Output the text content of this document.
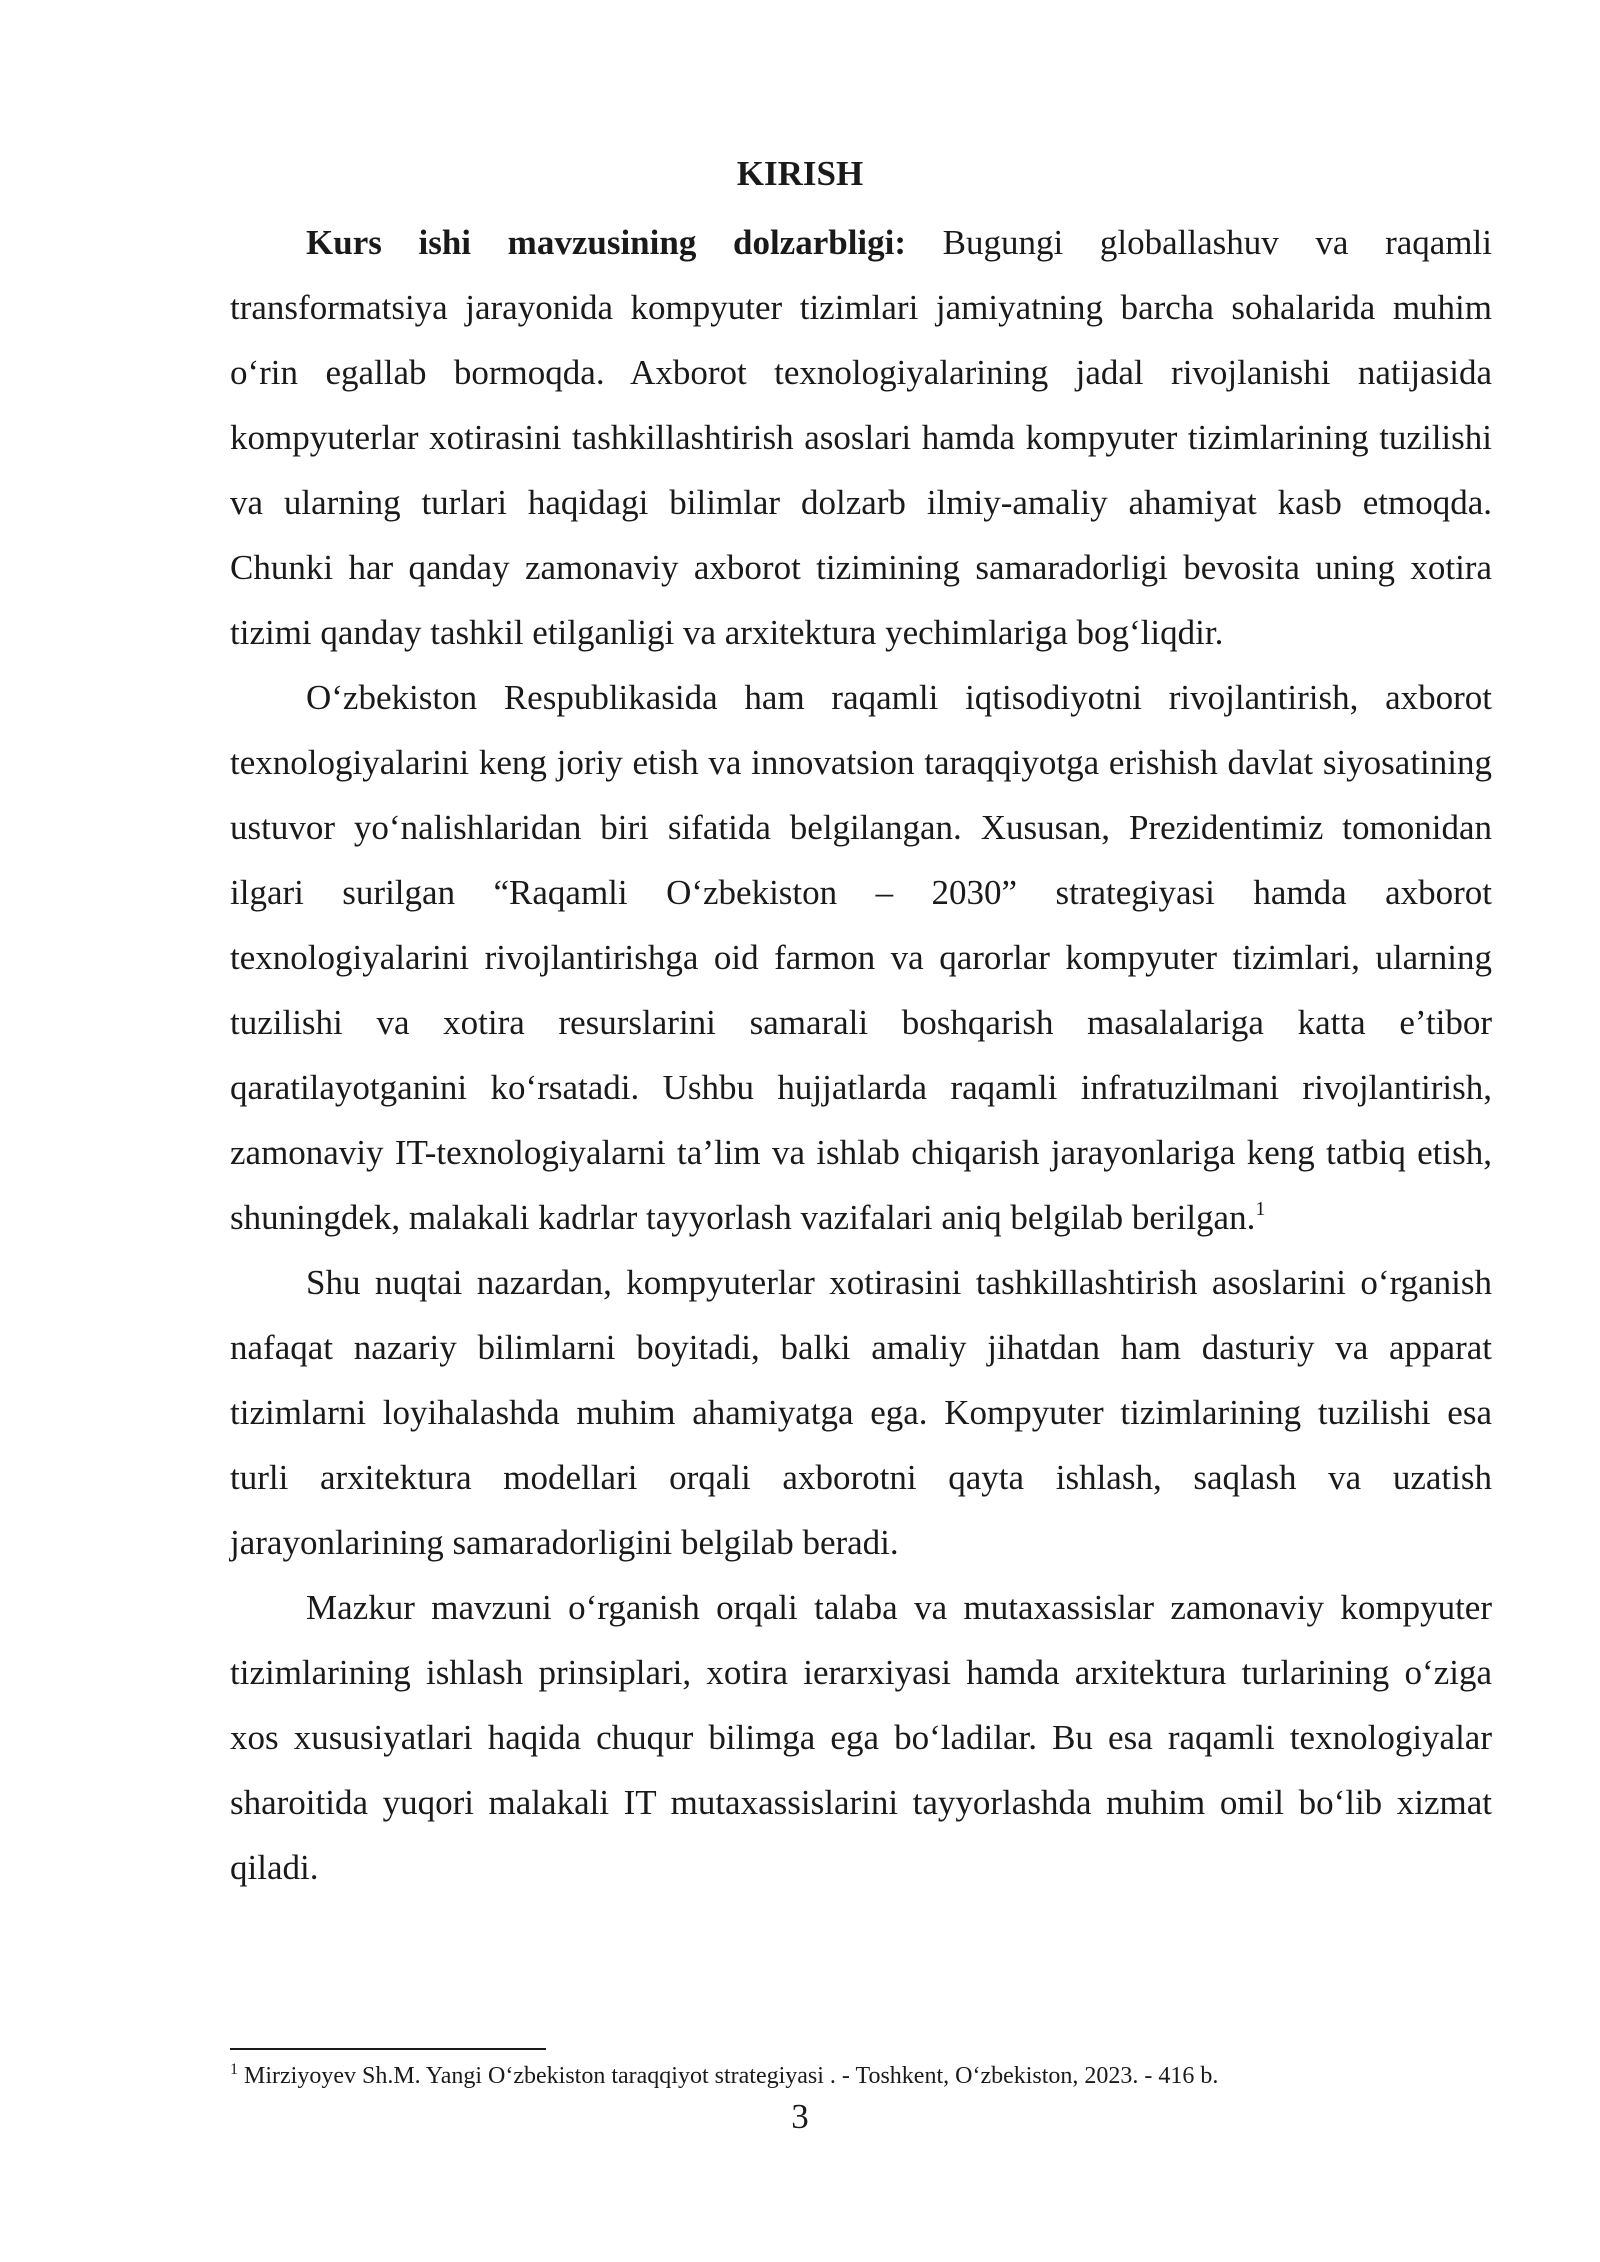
KIRISH

Kurs ishi mavzusining dolzarbligi: Bugungi globallashuv va raqamli transformatsiya jarayonida kompyuter tizimlari jamiyatning barcha sohalarida muhim o‘rin egallab bormoqda. Axborot texnologiyalarining jadal rivojlanishi natijasida kompyuterlar xotirasini tashkillashtirish asoslari hamda kompyuter tizimlarining tuzilishi va ularning turlari haqidagi bilimlar dolzarb ilmiy-amaliy ahamiyat kasb etmoqda. Chunki har qanday zamonaviy axborot tizimining samaradorligi bevosita uning xotira tizimi qanday tashkil etilganligi va arxitektura yechimlariga bog‘liqdir.

O‘zbekiston Respublikasida ham raqamli iqtisodiyotni rivojlantirish, axborot texnologiyalarini keng joriy etish va innovatsion taraqqiyotga erishish davlat siyosatining ustuvor yo‘nalishlaridan biri sifatida belgilangan. Xususan, Prezidentimiz tomonidan ilgari surilgan “Raqamli O‘zbekiston – 2030” strategiyasi hamda axborot texnologiyalarini rivojlantirishga oid farmon va qarorlar kompyuter tizimlari, ularning tuzilishi va xotira resurslarini samarali boshqarish masalalariga katta e’tibor qaratilayotganini ko‘rsatadi. Ushbu hujjatlarda raqamli infratuzilmani rivojlantirish, zamonaviy IT-texnologiyalarni ta’lim va ishlab chiqarish jarayonlariga keng tatbiq etish, shuningdek, malakali kadrlar tayyorlash vazifalari aniq belgilab berilgan.$^1$

Shu nuqtai nazardan, kompyuterlar xotirasini tashkillashtirish asoslarini o‘rganish nafaqat nazariy bilimlarni boyitadi, balki amaliy jihatdan ham dasturiy va apparat tizimlarni loyihalashda muhim ahamiyatga ega. Kompyuter tizimlarining tuzilishi esa turli arxitektura modellari orqali axborotni qayta ishlash, saqlash va uzatish jarayonlarining samaradorligini belgilab beradi.

Mazkur mavzuni o‘rganish orqali talaba va mutaxassislar zamonaviy kompyuter tizimlarining ishlash prinsiplari, xotira ierarxiyasi hamda arxitektura turlarining o‘ziga xos xususiyatlari haqida chuqur bilimga ega bo‘ladilar. Bu esa raqamli texnologiyalar sharoitida yuqori malakali IT mutaxassislarini tayyorlashda muhim omil bo‘lib xizmat qiladi.

$^1$ Mirziyoyev Sh.M. Yangi O‘zbekiston taraqqiyot strategiyasi . - Toshkent, O‘zbekiston, 2023. - 416 b.

3
